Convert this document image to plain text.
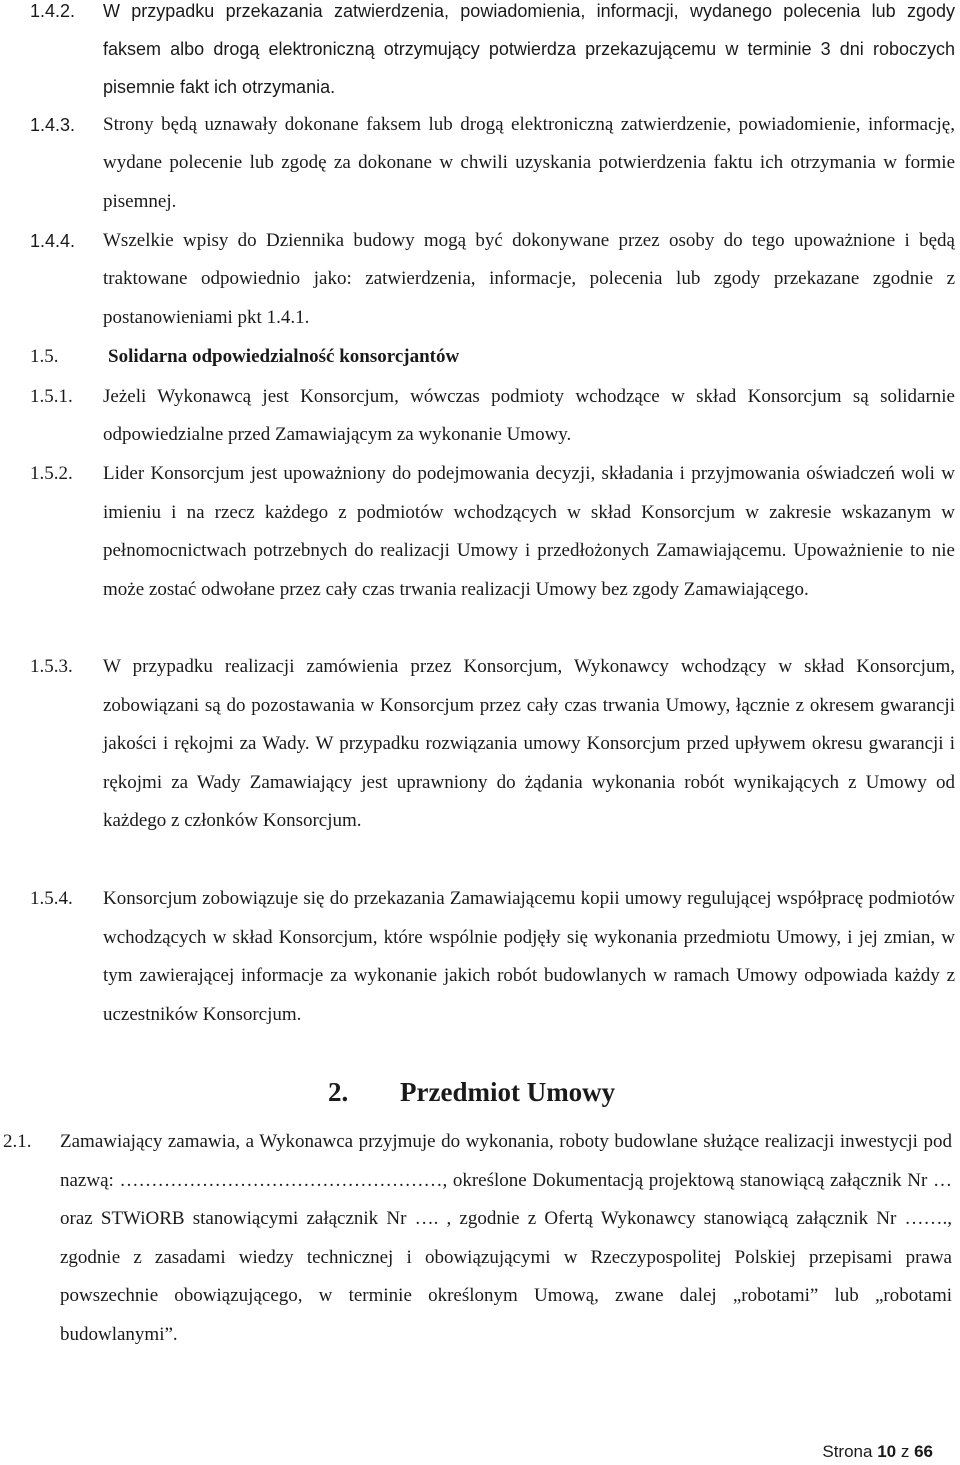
1.4.2. W przypadku przekazania zatwierdzenia, powiadomienia, informacji, wydanego polecenia lub zgody faksem albo drogą elektroniczną otrzymujący potwierdza przekazującemu w terminie 3 dni roboczych pisemnie fakt ich otrzymania.
1.4.3. Strony będą uznawały dokonane faksem lub drogą elektroniczną zatwierdzenie, powiadomienie, informację, wydane polecenie lub zgodę za dokonane w chwili uzyskania potwierdzenia faktu ich otrzymania w formie pisemnej.
1.4.4. Wszelkie wpisy do Dziennika budowy mogą być dokonywane przez osoby do tego upoważnione i będą traktowane odpowiednio jako: zatwierdzenia, informacje, polecenia lub zgody przekazane zgodnie z postanowieniami pkt 1.4.1.
1.5.	Solidarna odpowiedzialność konsorcjantów
1.5.1. Jeżeli Wykonawcą jest Konsorcjum, wówczas podmioty wchodzące w skład Konsorcjum są solidarnie odpowiedzialne przed Zamawiającym za wykonanie Umowy.
1.5.2. Lider Konsorcjum jest upoważniony do podejmowania decyzji, składania i przyjmowania oświadczeń woli w imieniu i na rzecz każdego z podmiotów wchodzących w skład Konsorcjum w zakresie wskazanym w pełnomocnictwach potrzebnych do realizacji Umowy i przedłożonych Zamawiającemu. Upoważnienie to nie może zostać odwołane przez cały czas trwania realizacji Umowy bez zgody Zamawiającego.
1.5.3. W przypadku realizacji zamówienia przez Konsorcjum, Wykonawcy wchodzący w skład Konsorcjum, zobowiązani są do pozostawania w Konsorcjum przez cały czas trwania Umowy, łącznie z okresem gwarancji jakości i rękojmi za Wady. W przypadku rozwiązania umowy Konsorcjum przed upływem okresu gwarancji i rękojmi za Wady Zamawiający jest uprawniony do żądania wykonania robót wynikających z Umowy od każdego z członków Konsorcjum.
1.5.4. Konsorcjum zobowiązuje się do przekazania Zamawiającemu kopii umowy regulującej współpracę podmiotów wchodzących w skład Konsorcjum, które wspólnie podjęły się wykonania przedmiotu Umowy, i jej zmian, w tym zawierającej informacje za wykonanie jakich robót budowlanych w ramach Umowy odpowiada każdy z uczestników Konsorcjum.
2. Przedmiot Umowy
2.1. Zamawiający zamawia, a Wykonawca przyjmuje do wykonania, roboty budowlane służące realizacji inwestycji pod nazwą: ……………………………………………, określone Dokumentacją projektową stanowiącą załącznik Nr … oraz STWiORB stanowiącymi załącznik Nr …. , zgodnie z Ofertą Wykonawcy stanowiącą załącznik Nr ……., zgodnie z zasadami wiedzy technicznej i obowiązującymi w Rzeczypospolitej Polskiej przepisami prawa powszechnie obowiązującego, w terminie określonym Umową, zwane dalej „robotami” lub „robotami budowlanymi”.
Strona 10 z 66
